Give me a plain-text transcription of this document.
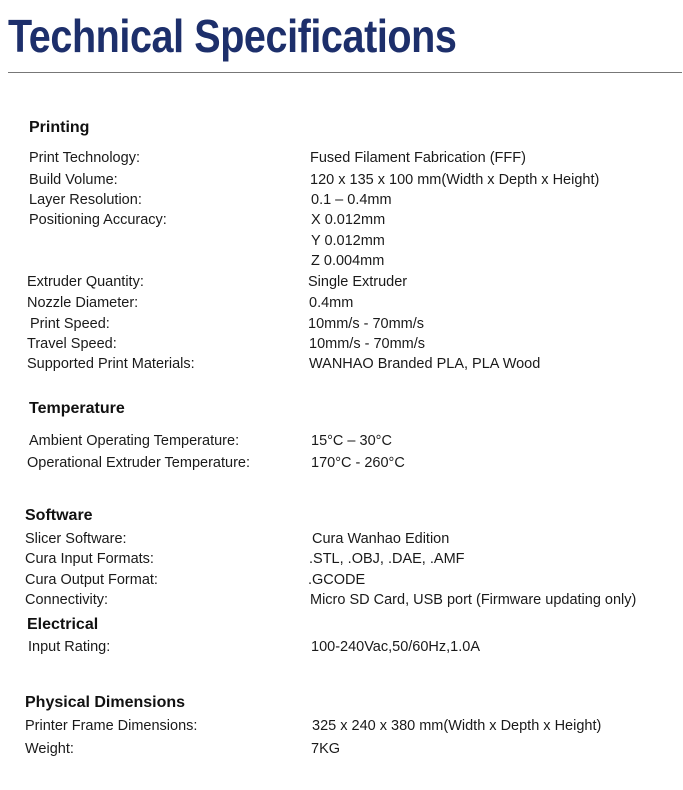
Technical Specifications
Printing
Print Technology:	Fused Filament Fabrication (FFF)
Build Volume:	120 x 135 x 100 mm(Width x Depth x Height)
Layer Resolution:	0.1 – 0.4mm
Positioning Accuracy:	X 0.012mm
Y 0.012mm
Z 0.004mm
Extruder Quantity:	Single Extruder
Nozzle Diameter:	0.4mm
Print Speed:	10mm/s - 70mm/s
Travel Speed:	10mm/s - 70mm/s
Supported Print Materials:	WANHAO Branded PLA, PLA Wood
Temperature
Ambient Operating Temperature:	15°C – 30°C
Operational Extruder Temperature:	170°C - 260°C
Software
Slicer Software:	Cura Wanhao Edition
Cura Input Formats:	.STL, .OBJ, .DAE, .AMF
Cura Output Format:	.GCODE
Connectivity:	Micro SD Card, USB port (Firmware updating only)
Electrical
Input Rating:	100-240Vac,50/60Hz,1.0A
Physical Dimensions
Printer Frame Dimensions:	325 x 240 x 380 mm(Width x Depth x Height)
Weight:	7KG
